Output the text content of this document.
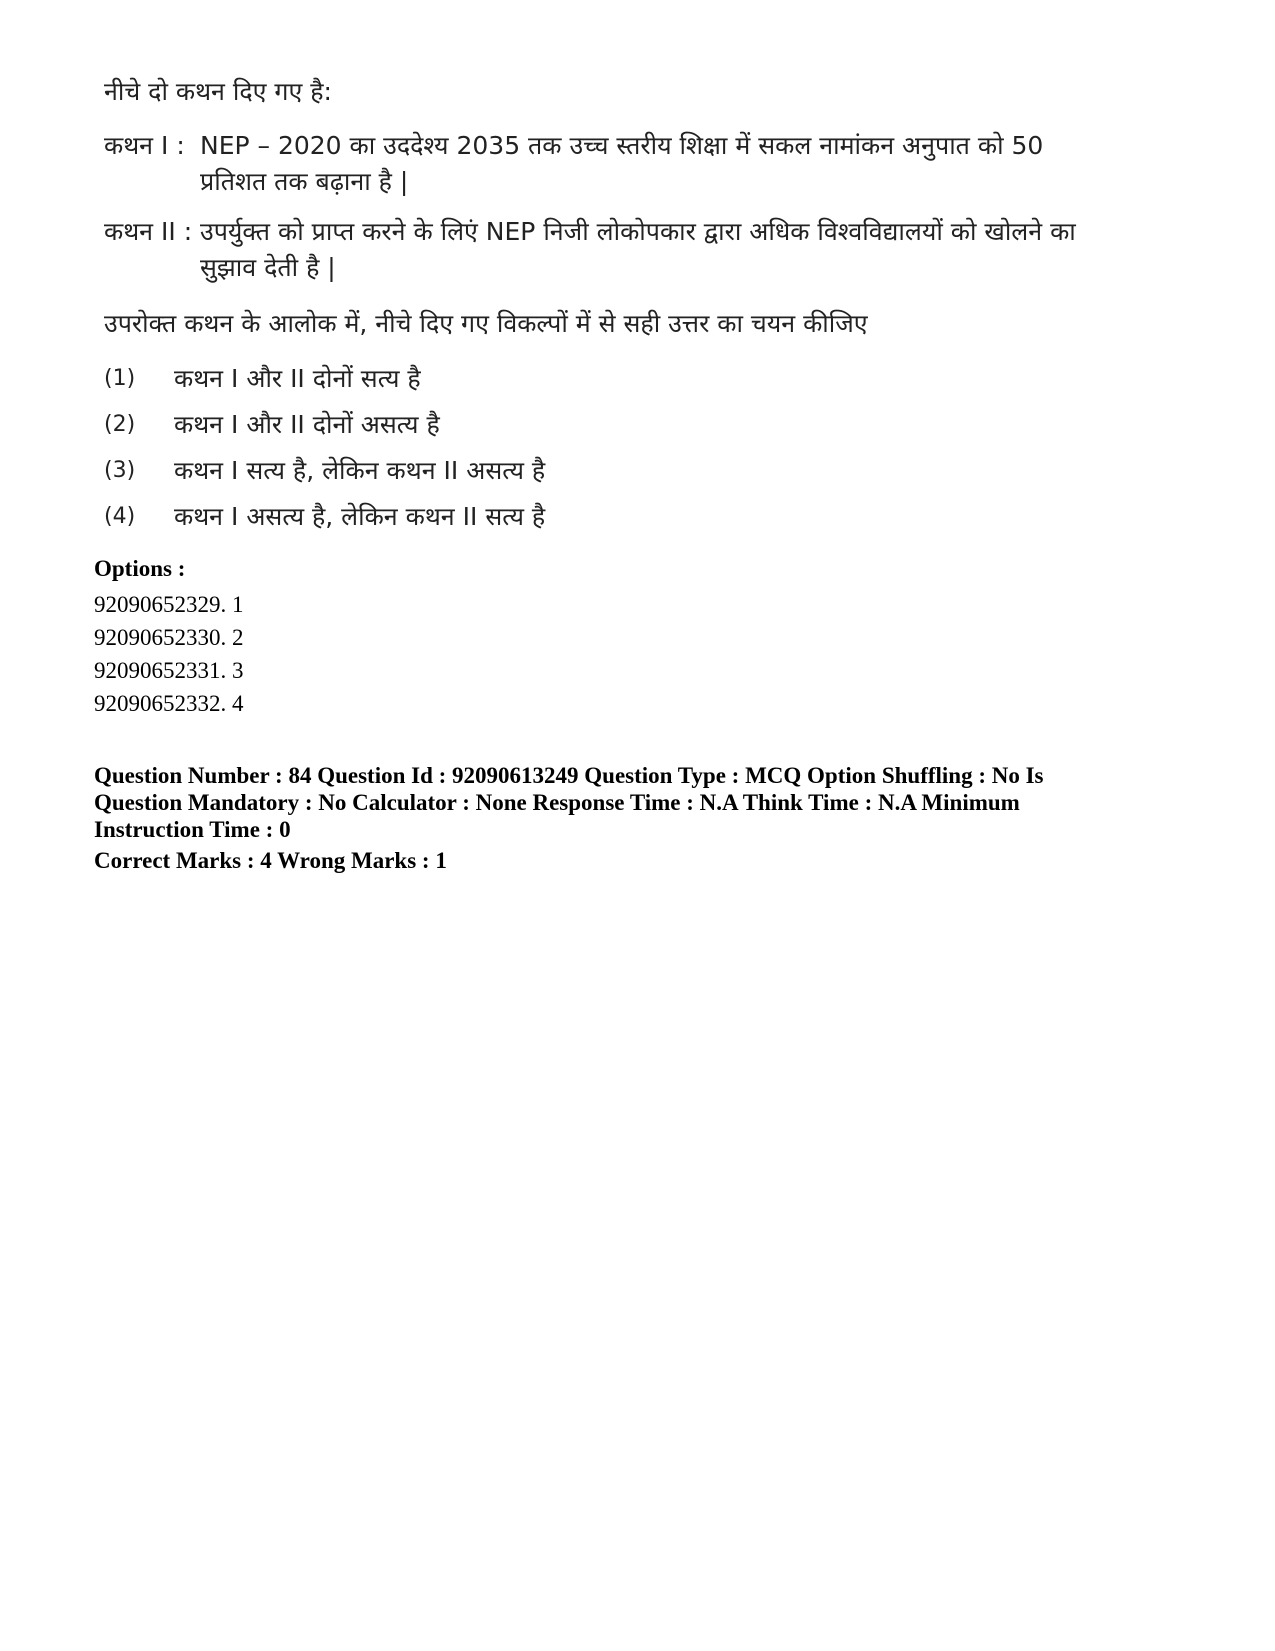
नीचे दो कथन दिए गए है:
कथन I : NEP – 2020 का उददेश्य 2035 तक उच्च स्तरीय शिक्षा में सकल नामांकन अनुपात को 50 प्रतिशत तक बढ़ाना है |
कथन II : उपर्युक्त को प्राप्त करने के लिएं NEP निजी लोकोपकार द्वारा अधिक विश्वविद्यालयों को खोलने का सुझाव देती है |
उपरोक्त कथन के आलोक में, नीचे दिए गए विकल्पों में से सही उत्तर का चयन कीजिए
(1)	कथन I और II दोनों सत्य है
(2)	कथन I और II दोनों असत्य है
(3)	कथन I सत्य है, लेकिन कथन II असत्य है
(4)	कथन I असत्य है, लेकिन कथन II सत्य है
Options :
92090652329. 1
92090652330. 2
92090652331. 3
92090652332. 4
Question Number : 84 Question Id : 92090613249 Question Type : MCQ Option Shuffling : No Is Question Mandatory : No Calculator : None Response Time : N.A Think Time : N.A Minimum Instruction Time : 0
Correct Marks : 4 Wrong Marks : 1
